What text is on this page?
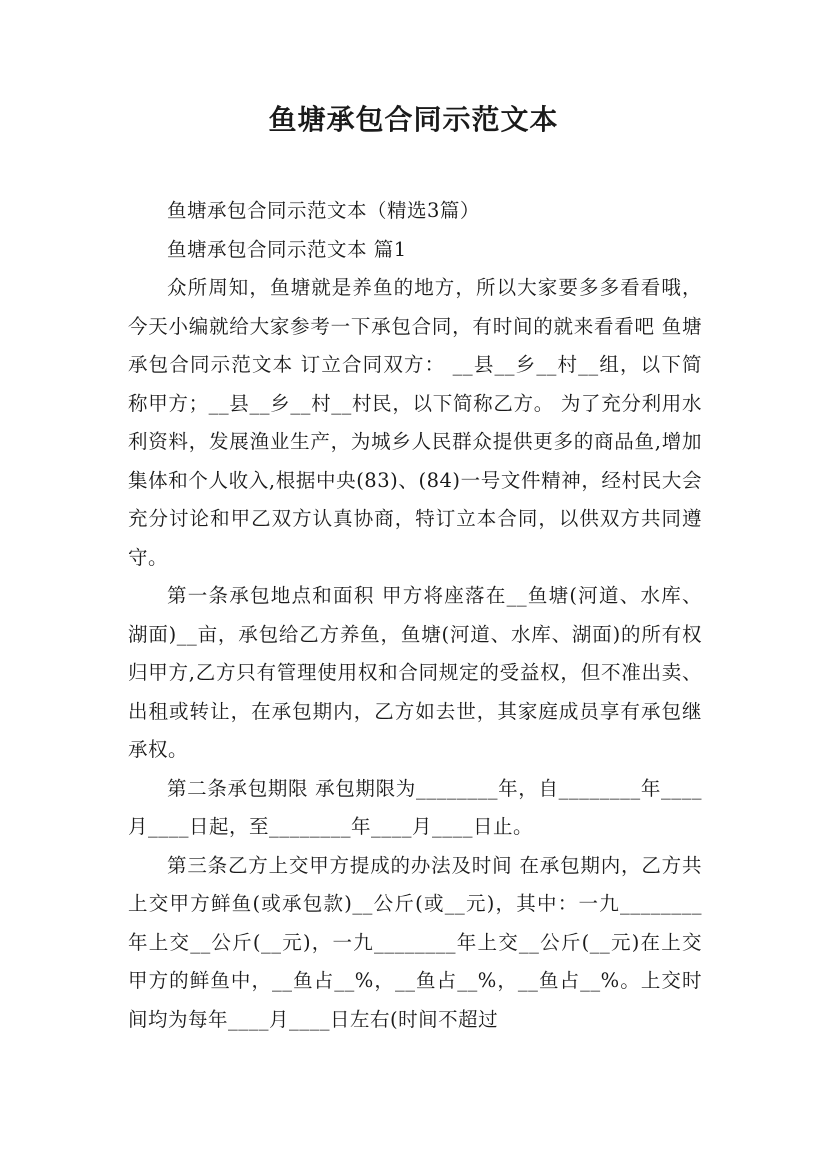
鱼塘承包合同示范文本

鱼塘承包合同示范文本（精选3篇）

鱼塘承包合同示范文本 篇1

众所周知，鱼塘就是养鱼的地方，所以大家要多多看看哦，今天小编就给大家参考一下承包合同，有时间的就来看看吧 鱼塘承包合同示范文本 订立合同双方： __县__乡__村__组，以下简称甲方；__县__乡__村__村民，以下简称乙方。 为了充分利用水利资料，发展渔业生产，为城乡人民群众提供更多的商品鱼,增加集体和个人收入,根据中央(83)、(84)一号文件精神，经村民大会充分讨论和甲乙双方认真协商，特订立本合同，以供双方共同遵守。

第一条承包地点和面积 甲方将座落在__鱼塘(河道、水库、湖面)__亩，承包给乙方养鱼，鱼塘(河道、水库、湖面)的所有权归甲方,乙方只有管理使用权和合同规定的受益权，但不准出卖、出租或转让，在承包期内，乙方如去世，其家庭成员享有承包继承权。

第二条承包期限 承包期限为________年，自________年____月____日起，至________年____月____日止。

第三条乙方上交甲方提成的办法及时间 在承包期内，乙方共上交甲方鲜鱼(或承包款)__公斤(或__元)，其中：一九________年上交__公斤(__元)，一九________年上交__公斤(__元)在上交甲方的鲜鱼中，__鱼占__%，__鱼占__%，__鱼占__%。上交时间均为每年____月____日左右(时间不超过
